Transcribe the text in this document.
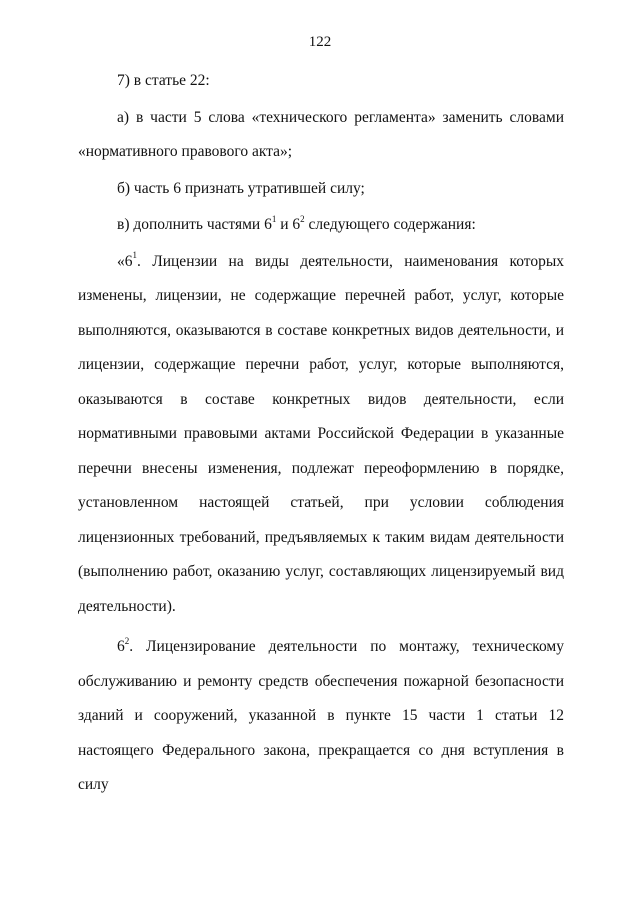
122

7) в статье 22:

а) в части 5 слова «технического регламента» заменить словами «нормативного правового акта»;

б) часть 6 признать утратившей силу;

в) дополнить частями $6^1$ и $6^2$ следующего содержания:

«$6^1$. Лицензии на виды деятельности, наименования которых изменены, лицензии, не содержащие перечней работ, услуг, которые выполняются, оказываются в составе конкретных видов деятельности, и лицензии, содержащие перечни работ, услуг, которые выполняются, оказываются в составе конкретных видов деятельности, если нормативными правовыми актами Российской Федерации в указанные перечни внесены изменения, подлежат переоформлению в порядке, установленном настоящей статьей, при условии соблюдения лицензионных требований, предъявляемых к таким видам деятельности (выполнению работ, оказанию услуг, составляющих лицензируемый вид деятельности).

$6^2$. Лицензирование деятельности по монтажу, техническому обслуживанию и ремонту средств обеспечения пожарной безопасности зданий и сооружений, указанной в пункте 15 части 1 статьи 12 настоящего Федерального закона, прекращается со дня вступления в силу
